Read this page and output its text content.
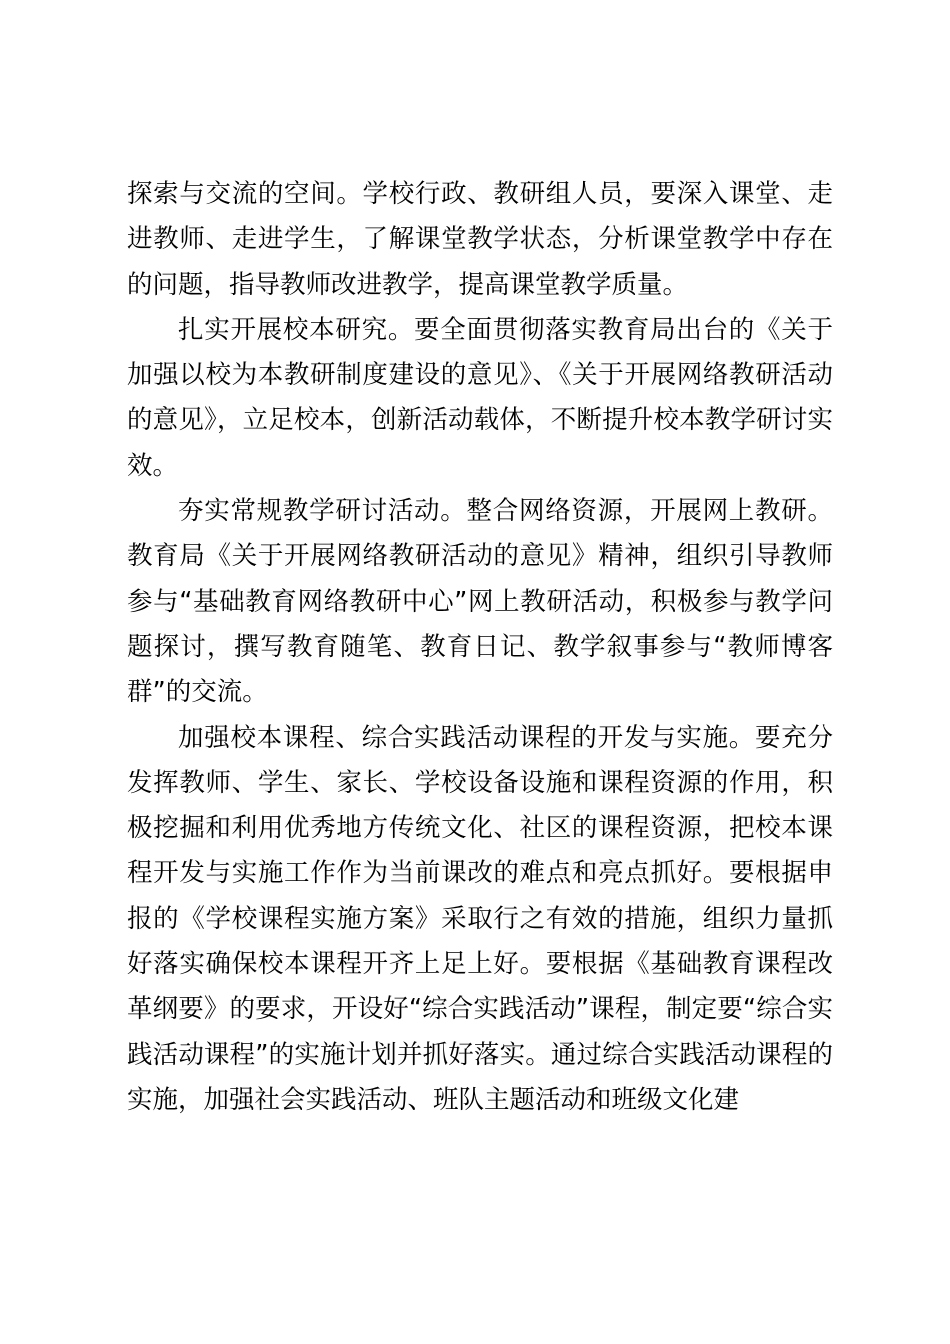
探索与交流的空间。学校行政、教研组人员，要深入课堂、走进教师、走进学生，了解课堂教学状态，分析课堂教学中存在的问题，指导教师改进教学，提高课堂教学质量。

扎实开展校本研究。要全面贯彻落实教育局出台的《关于加强以校为本教研制度建设的意见》、《关于开展网络教研活动的意见》，立足校本，创新活动载体，不断提升校本教学研讨实效。

夯实常规教学研讨活动。整合网络资源，开展网上教研。教育局《关于开展网络教研活动的意见》精神，组织引导教师参与“基础教育网络教研中心”网上教研活动，积极参与教学问题探讨，撰写教育随笔、教育日记、教学叙事参与“教师博客群”的交流。

加强校本课程、综合实践活动课程的开发与实施。要充分发挥教师、学生、家长、学校设备设施和课程资源的作用，积极挖掘和利用优秀地方传统文化、社区的课程资源，把校本课程开发与实施工作作为当前课改的难点和亮点抓好。要根据申报的《学校课程实施方案》采取行之有效的措施，组织力量抓好落实确保校本课程开齐上足上好。要根据《基础教育课程改革纲要》的要求，开设好“综合实践活动”课程，制定要“综合实践活动课程”的实施计划并抓好落实。通过综合实践活动课程的实施，加强社会实践活动、班队主题活动和班级文化建
